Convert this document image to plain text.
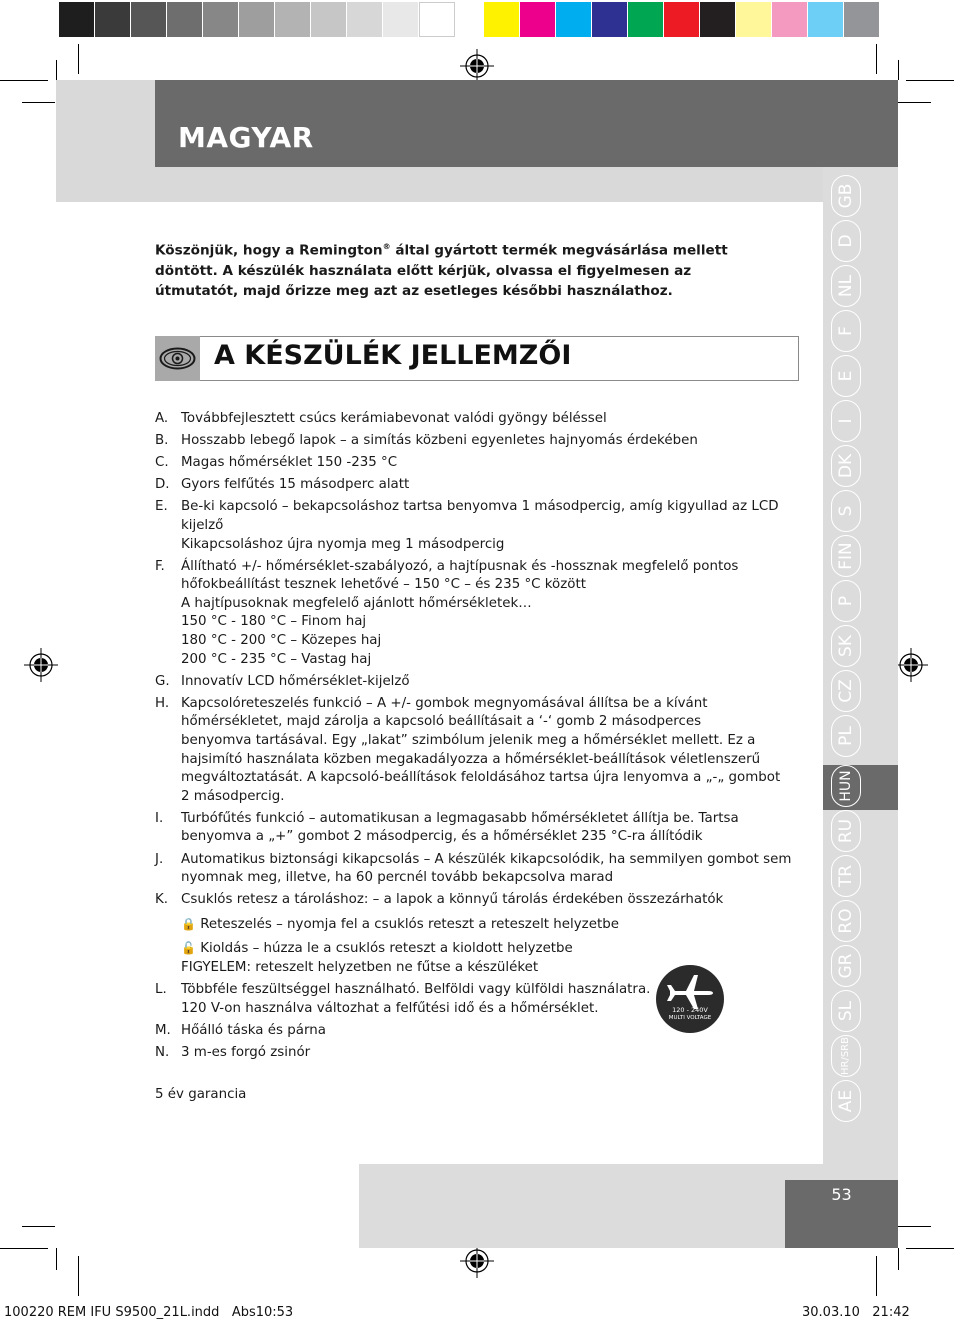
MAGYAR
GB
D
NL
F
E
I
DK
S
FIN
P
SK
CZ
PL
HUN
RU
TR
RO
GR
SL
HR/SRB
AE
Köszönjük, hogy a Remington® által gyártott termék megvásárlása mellett
döntött. A készülék használata előtt kérjük, olvassa el figyelmesen az
útmutatót, majd őrizze meg azt az esetleges későbbi használathoz.
A KÉSZÜLÉK JELLEMZŐI
A. Továbbfejlesztett csúcs kerámiabevonat valódi gyöngy béléssel
B. Hosszabb lebegő lapok – a simítás közbeni egyenletes hajnyomás érdekében
C. Magas hőmérséklet 150 -235 °C
D. Gyors felfűtés 15 másodperc alatt
E. Be-ki kapcsoló – bekapcsoláshoz tartsa benyomva 1 másodpercig, amíg kigyullad az LCD
kijelző
Kikapcsoláshoz újra nyomja meg 1 másodpercig
F. Állítható +/- hőmérséklet-szabályozó, a hajtípusnak és -hossznak megfelelő pontos
hőfokbeállítást tesznek lehetővé – 150 °C – és 235 °C között
A hajtípusoknak megfelelő ajánlott hőmérsékletek…
150 °C - 180 °C – Finom haj
180 °C - 200 °C – Közepes haj
200 °C - 235 °C – Vastag haj
G. Innovatív LCD hőmérséklet-kijelző
H. Kapcsolóreteszelés funkció – A +/- gombok megnyomásával állítsa be a kívánt
hőmérsékletet, majd zárolja a kapcsoló beállításait a ‘-‘ gomb 2 másodperces
benyomva tartásával. Egy „lakat” szimbólum jelenik meg a hőmérséklet mellett. Ez a
hajsimító használata közben megakadályozza a hőmérséklet-beállítások véletlenszerű
megváltoztatását. A kapcsoló-beállítások feloldásához tartsa újra lenyomva a „-„ gombot
2 másodpercig.
I. Turbófűtés funkció – automatikusan a legmagasabb hőmérsékletet állítja be. Tartsa
benyomva a „+” gombot 2 másodpercig, és a hőmérséklet 235 °C-ra állítódik
J. Automatikus biztonsági kikapcsolás – A készülék kikapcsolódik, ha semmilyen gombot sem
nyomnak meg, illetve, ha 60 percnél tovább bekapcsolva marad
K. Csuklós retesz a tároláshoz: – a lapok a könnyű tárolás érdekében összezárhatók
🔒 Reteszelés – nyomja fel a csuklós reteszt a reteszelt helyzetbe
🔓 Kioldás – húzza le a csuklós reteszt a kioldott helyzetbe
FIGYELEM: reteszelt helyzetben ne fűtse a készüléket
L. Többféle feszültséggel használható. Belföldi vagy külföldi használatra.
120 V-on használva változhat a felfűtési idő és a hőmérséklet.
M. Hőálló táska és párna
N. 3 m-es forgó zsinór
120 - 240V
MULTI VOLTAGE
5 év garancia
53
100220 REM IFU S9500_21L.indd   Abs10:53	30.03.10   21:42
